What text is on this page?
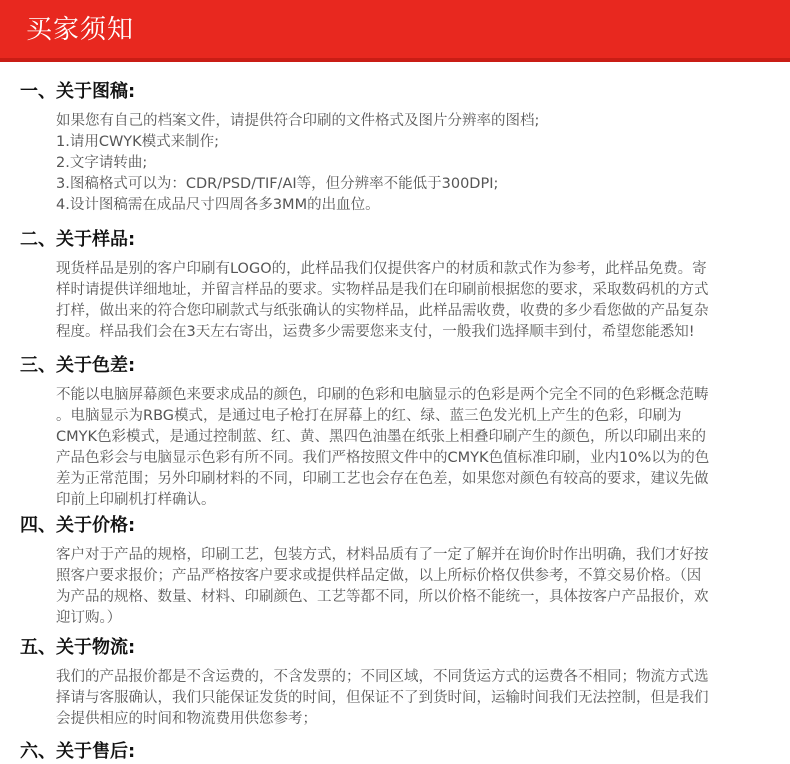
买家须知
一、关于图稿:

如果您有自己的档案文件，请提供符合印刷的文件格式及图片分辨率的图档;

1.请用CWYK模式来制作;

2.文字请转曲;

3.图稿格式可以为：CDR/PSD/TIF/AI等，但分辨率不能低于300DPI;

4.设计图稿需在成品尺寸四周各多3MM的出血位。

二、关于样品:

现货样品是别的客户印刷有LOGO的，此样品我们仅提供客户的材质和款式作为参考，此样品免费。寄

样时请提供详细地址，并留言样品的要求。实物样品是我们在印刷前根据您的要求，采取数码机的方式

打样，做出来的符合您印刷款式与纸张确认的实物样品，此样品需收费，收费的多少看您做的产品复杂

程度。样品我们会在3天左右寄出，运费多少需要您来支付，一般我们选择顺丰到付，希望您能悉知!

三、关于色差:

不能以电脑屏幕颜色来要求成品的颜色，印刷的色彩和电脑显示的色彩是两个完全不同的色彩概念范畴

。电脑显示为RBG模式，是通过电子枪打在屏幕上的红、绿、蓝三色发光机上产生的色彩，印刷为

CMYK色彩模式，是通过控制蓝、红、黄、黑四色油墨在纸张上相叠印刷产生的颜色，所以印刷出来的

产品色彩会与电脑显示色彩有所不同。我们严格按照文件中的CMYK色值标准印刷，业内10%以为的色

差为正常范围；另外印刷材料的不同，印刷工艺也会存在色差，如果您对颜色有较高的要求，建议先做

印前上印刷机打样确认。

四、关于价格:

客户对于产品的规格，印刷工艺，包装方式，材料品质有了一定了解并在询价时作出明确，我们才好按

照客户要求报价；产品严格按客户要求或提供样品定做，以上所标价格仅供参考，不算交易价格。（因

为产品的规格、数量、材料、印刷颜色、工艺等都不同，所以价格不能统一，具体按客户产品报价，欢

迎订购。）

五、关于物流:

我们的产品报价都是不含运费的，不含发票的；不同区域，不同货运方式的运费各不相同；物流方式选

择请与客服确认，我们只能保证发货的时间，但保证不了到货时间，运输时间我们无法控制，但是我们

会提供相应的时间和物流费用供您参考；

六、关于售后:
